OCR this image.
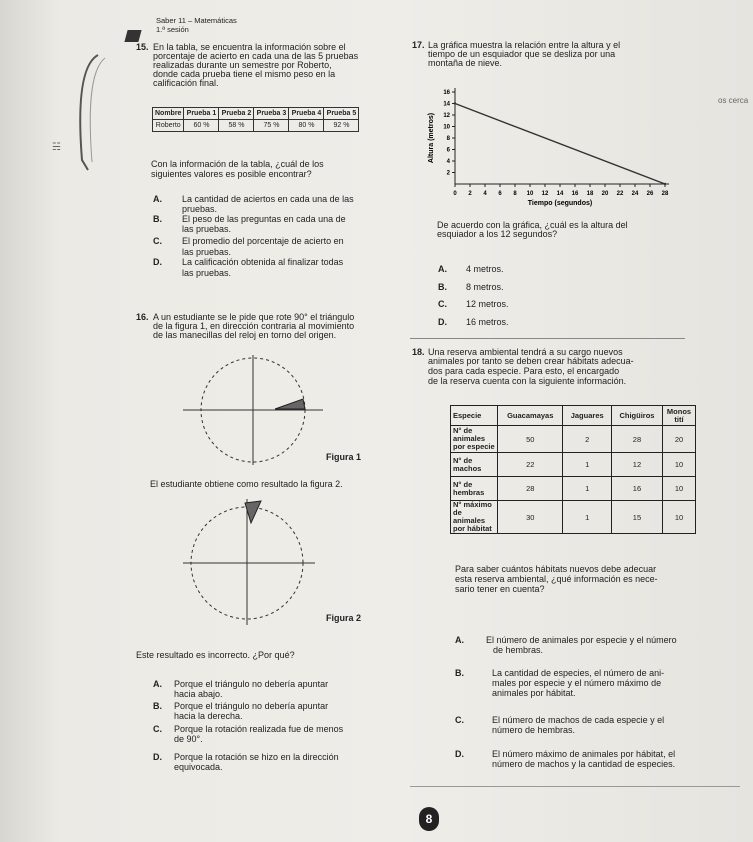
☵
Saber 11 – Matemáticas
1.ª sesión
15. En la tabla, se encuentra la información sobre el
porcentaje de acierto en cada una de las 5 pruebas
realizadas durante un semestre por Roberto,
donde cada prueba tiene el mismo peso en la
calificación final.
Nombre	Prueba 1	Prueba 2	Prueba 3	Prueba 4	Prueba 5
Roberto	60 %	58 %	75 %	80 %	92 %
Con la información de la tabla, ¿cuál de los
siguientes valores es posible encontrar?
A. La cantidad de aciertos en cada una de las
pruebas.
B. El peso de las preguntas en cada una de
las pruebas.
C. El promedio del porcentaje de acierto en
las pruebas.
D. La calificación obtenida al finalizar todas
las pruebas.
16. A un estudiante se le pide que rote 90° el triángulo
de la figura 1, en dirección contraria al movimiento
de las manecillas del reloj en torno del origen.
Figura 1
El estudiante obtiene como resultado la figura 2.
Figura 2
Este resultado es incorrecto. ¿Por qué?
A. Porque el triángulo no debería apuntar
hacia abajo.
B. Porque el triángulo no debería apuntar
hacia la derecha.
C. Porque la rotación realizada fue de menos
de 90°.
D. Porque la rotación se hizo en la dirección
equivocada.
17. La gráfica muestra la relación entre la altura y el
tiempo de un esquiador que se desliza por una
montaña de nieve.
0 2 4 6 8 10 12 14 16 18 20 22 24 26 28
2
4
6
8
10
12
14
16
Tiempo (segundos)
Altura (metros)
De acuerdo con la gráfica, ¿cuál es la altura del
esquiador a los 12 segundos?
A. 4 metros.
B. 8 metros.
C. 12 metros.
D. 16 metros.
18. Una reserva ambiental tendrá a su cargo nuevos
animales por tanto se deben crear hábitats adecua-
dos para cada especie. Para esto, el encargado
de la reserva cuenta con la siguiente información.
Especie	Guacamayas	Jaguares	Chigüiros	Monos tití
N° de animales por especie	50	2	28	20
N° de machos	22	1	12	10
N° de hembras	28	1	16	10
N° máximo de animales por hábitat	30	1	15	10
Para saber cuántos hábitats nuevos debe adecuar
esta reserva ambiental, ¿qué información es nece-
sario tener en cuenta?
A. El número de animales por especie y el número
de hembras.
B.	La cantidad de especies, el número de ani-
males por especie y el número máximo de
animales por hábitat.
C.	El número de machos de cada especie y el
número de hembras.
D.	El número máximo de animales por hábitat, el
número de machos y la cantidad de especies.
os cerca
8
